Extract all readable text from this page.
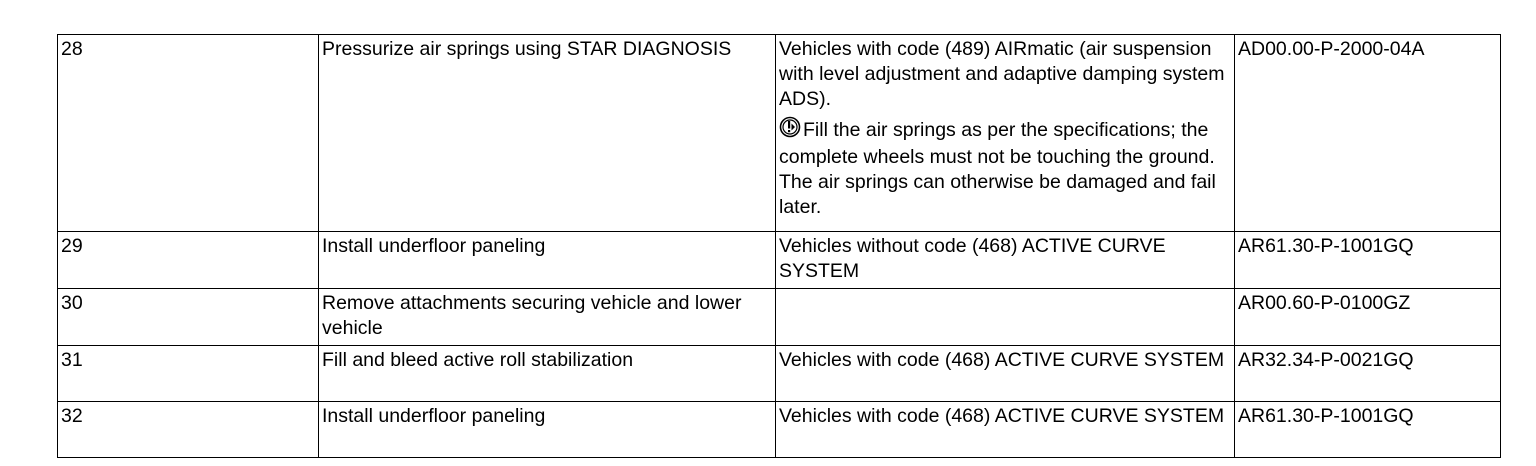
28	Pressurize air springs using STAR DIAGNOSIS	Vehicles with code (489) AIRmatic (air suspension with level adjustment and adaptive damping system ADS).
Fill the air springs as per the specifications; the complete wheels must not be touching the ground. The air springs can otherwise be damaged and fail later.	AD00.00-P-2000-04A
29	Install underfloor paneling	Vehicles without code (468) ACTIVE CURVE SYSTEM	AR61.30-P-1001GQ
30	Remove attachments securing vehicle and lower vehicle		AR00.60-P-0100GZ
31	Fill and bleed active roll stabilization	Vehicles with code (468) ACTIVE CURVE SYSTEM	AR32.34-P-0021GQ
32	Install underfloor paneling	Vehicles with code (468) ACTIVE CURVE SYSTEM	AR61.30-P-1001GQ
